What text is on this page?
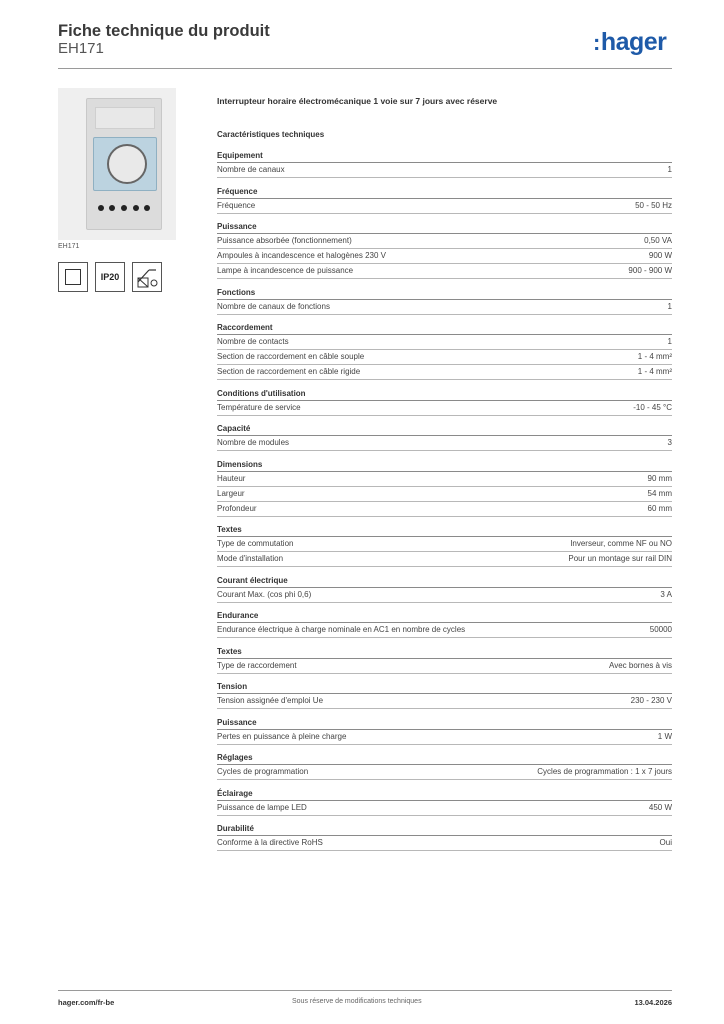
Fiche technique du produit
EH171	:hager
EH171
IP20
Interrupteur horaire électromécanique 1 voie sur 7 jours avec réserve
Caractéristiques techniques
Equipement
Nombre de canaux	1
Fréquence
Fréquence	50 - 50 Hz
Puissance
Puissance absorbée (fonctionnement)	0,50 VA
Ampoules à incandescence et halogènes 230 V	900 W
Lampe à incandescence de puissance	900 - 900 W
Fonctions
Nombre de canaux de fonctions	1
Raccordement
Nombre de contacts	1
Section de raccordement en câble souple	1 - 4 mm²
Section de raccordement en câble rigide	1 - 4 mm²
Conditions d'utilisation
Température de service	-10 - 45 °C
Capacité
Nombre de modules	3
Dimensions
Hauteur	90 mm
Largeur	54 mm
Profondeur	60 mm
Textes
Type de commutation	Inverseur, comme NF ou NO
Mode d'installation	Pour un montage sur rail DIN
Courant électrique
Courant Max. (cos phi 0,6)	3 A
Endurance
Endurance électrique à charge nominale en AC1 en nombre de cycles	50000
Textes
Type de raccordement	Avec bornes à vis
Tension
Tension assignée d'emploi Ue	230 - 230 V
Puissance
Pertes en puissance à pleine charge	1 W
Réglages
Cycles de programmation	Cycles de programmation : 1 x 7 jours
Éclairage
Puissance de lampe LED	450 W
Durabilité
Conforme à la directive RoHS	Oui
hager.com/fr-be	Sous réserve de modifications techniques	13.04.2026
